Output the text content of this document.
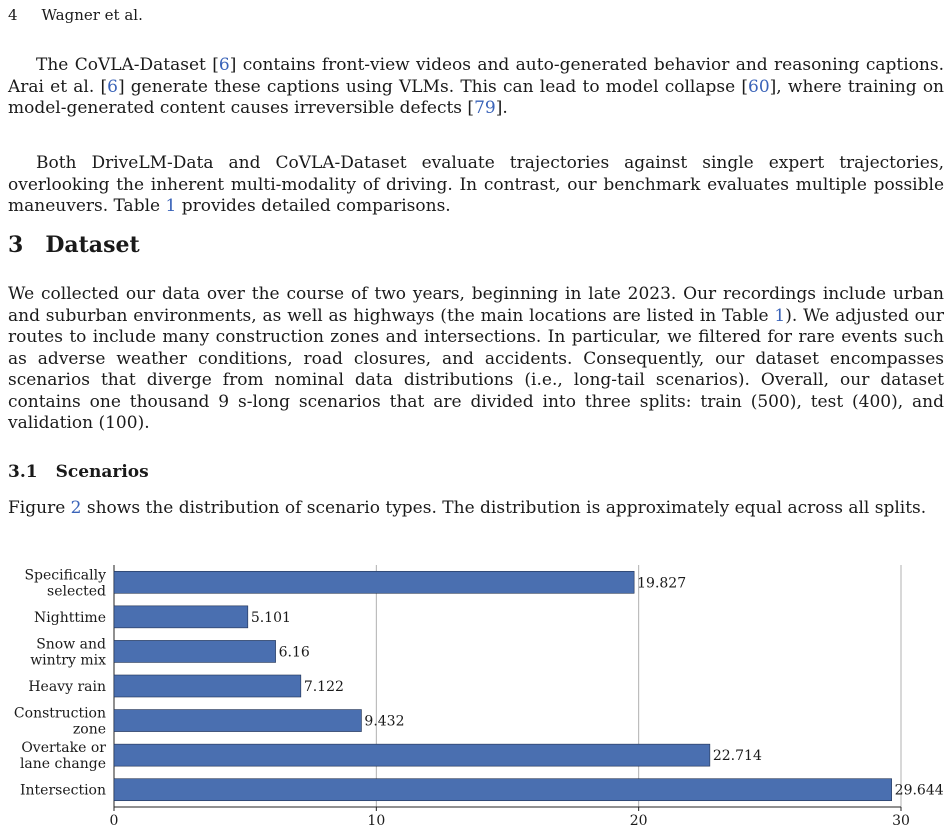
4 Wagner et al.

The CoVLA-Dataset [6] contains front-view videos and auto-generated behavior and reasoning captions. Arai et al. [6] generate these captions using VLMs. This can lead to model collapse [60], where training on model-generated content causes irreversible defects [79].

Both DriveLM-Data and CoVLA-Dataset evaluate trajectories against single expert trajectories, overlooking the inherent multi-modality of driving. In contrast, our benchmark evaluates multiple possible maneuvers. Table 1 provides detailed comparisons.

3 Dataset

We collected our data over the course of two years, beginning in late 2023. Our recordings include urban and suburban environments, as well as highways (the main locations are listed in Table 1). We adjusted our routes to include many construction zones and intersections. In particular, we filtered for rare events such as adverse weather conditions, road closures, and accidents. Consequently, our dataset encompasses scenarios that diverge from nominal data distributions (i.e., long-tail scenarios). Overall, our dataset contains one thousand 9 s-long scenarios that are divided into three splits: train (500), test (400), and validation (100).

3.1 Scenarios

Figure 2 shows the distribution of scenario types. The distribution is approximately equal across all splits.

0	10	20	30
19.827
Specifically
selected
5.101
Nighttime
6.16
Snow and
wintry mix
7.122
Heavy rain
9.432
Construction
zone
22.714
Overtake or
lane change
29.644
Intersection
